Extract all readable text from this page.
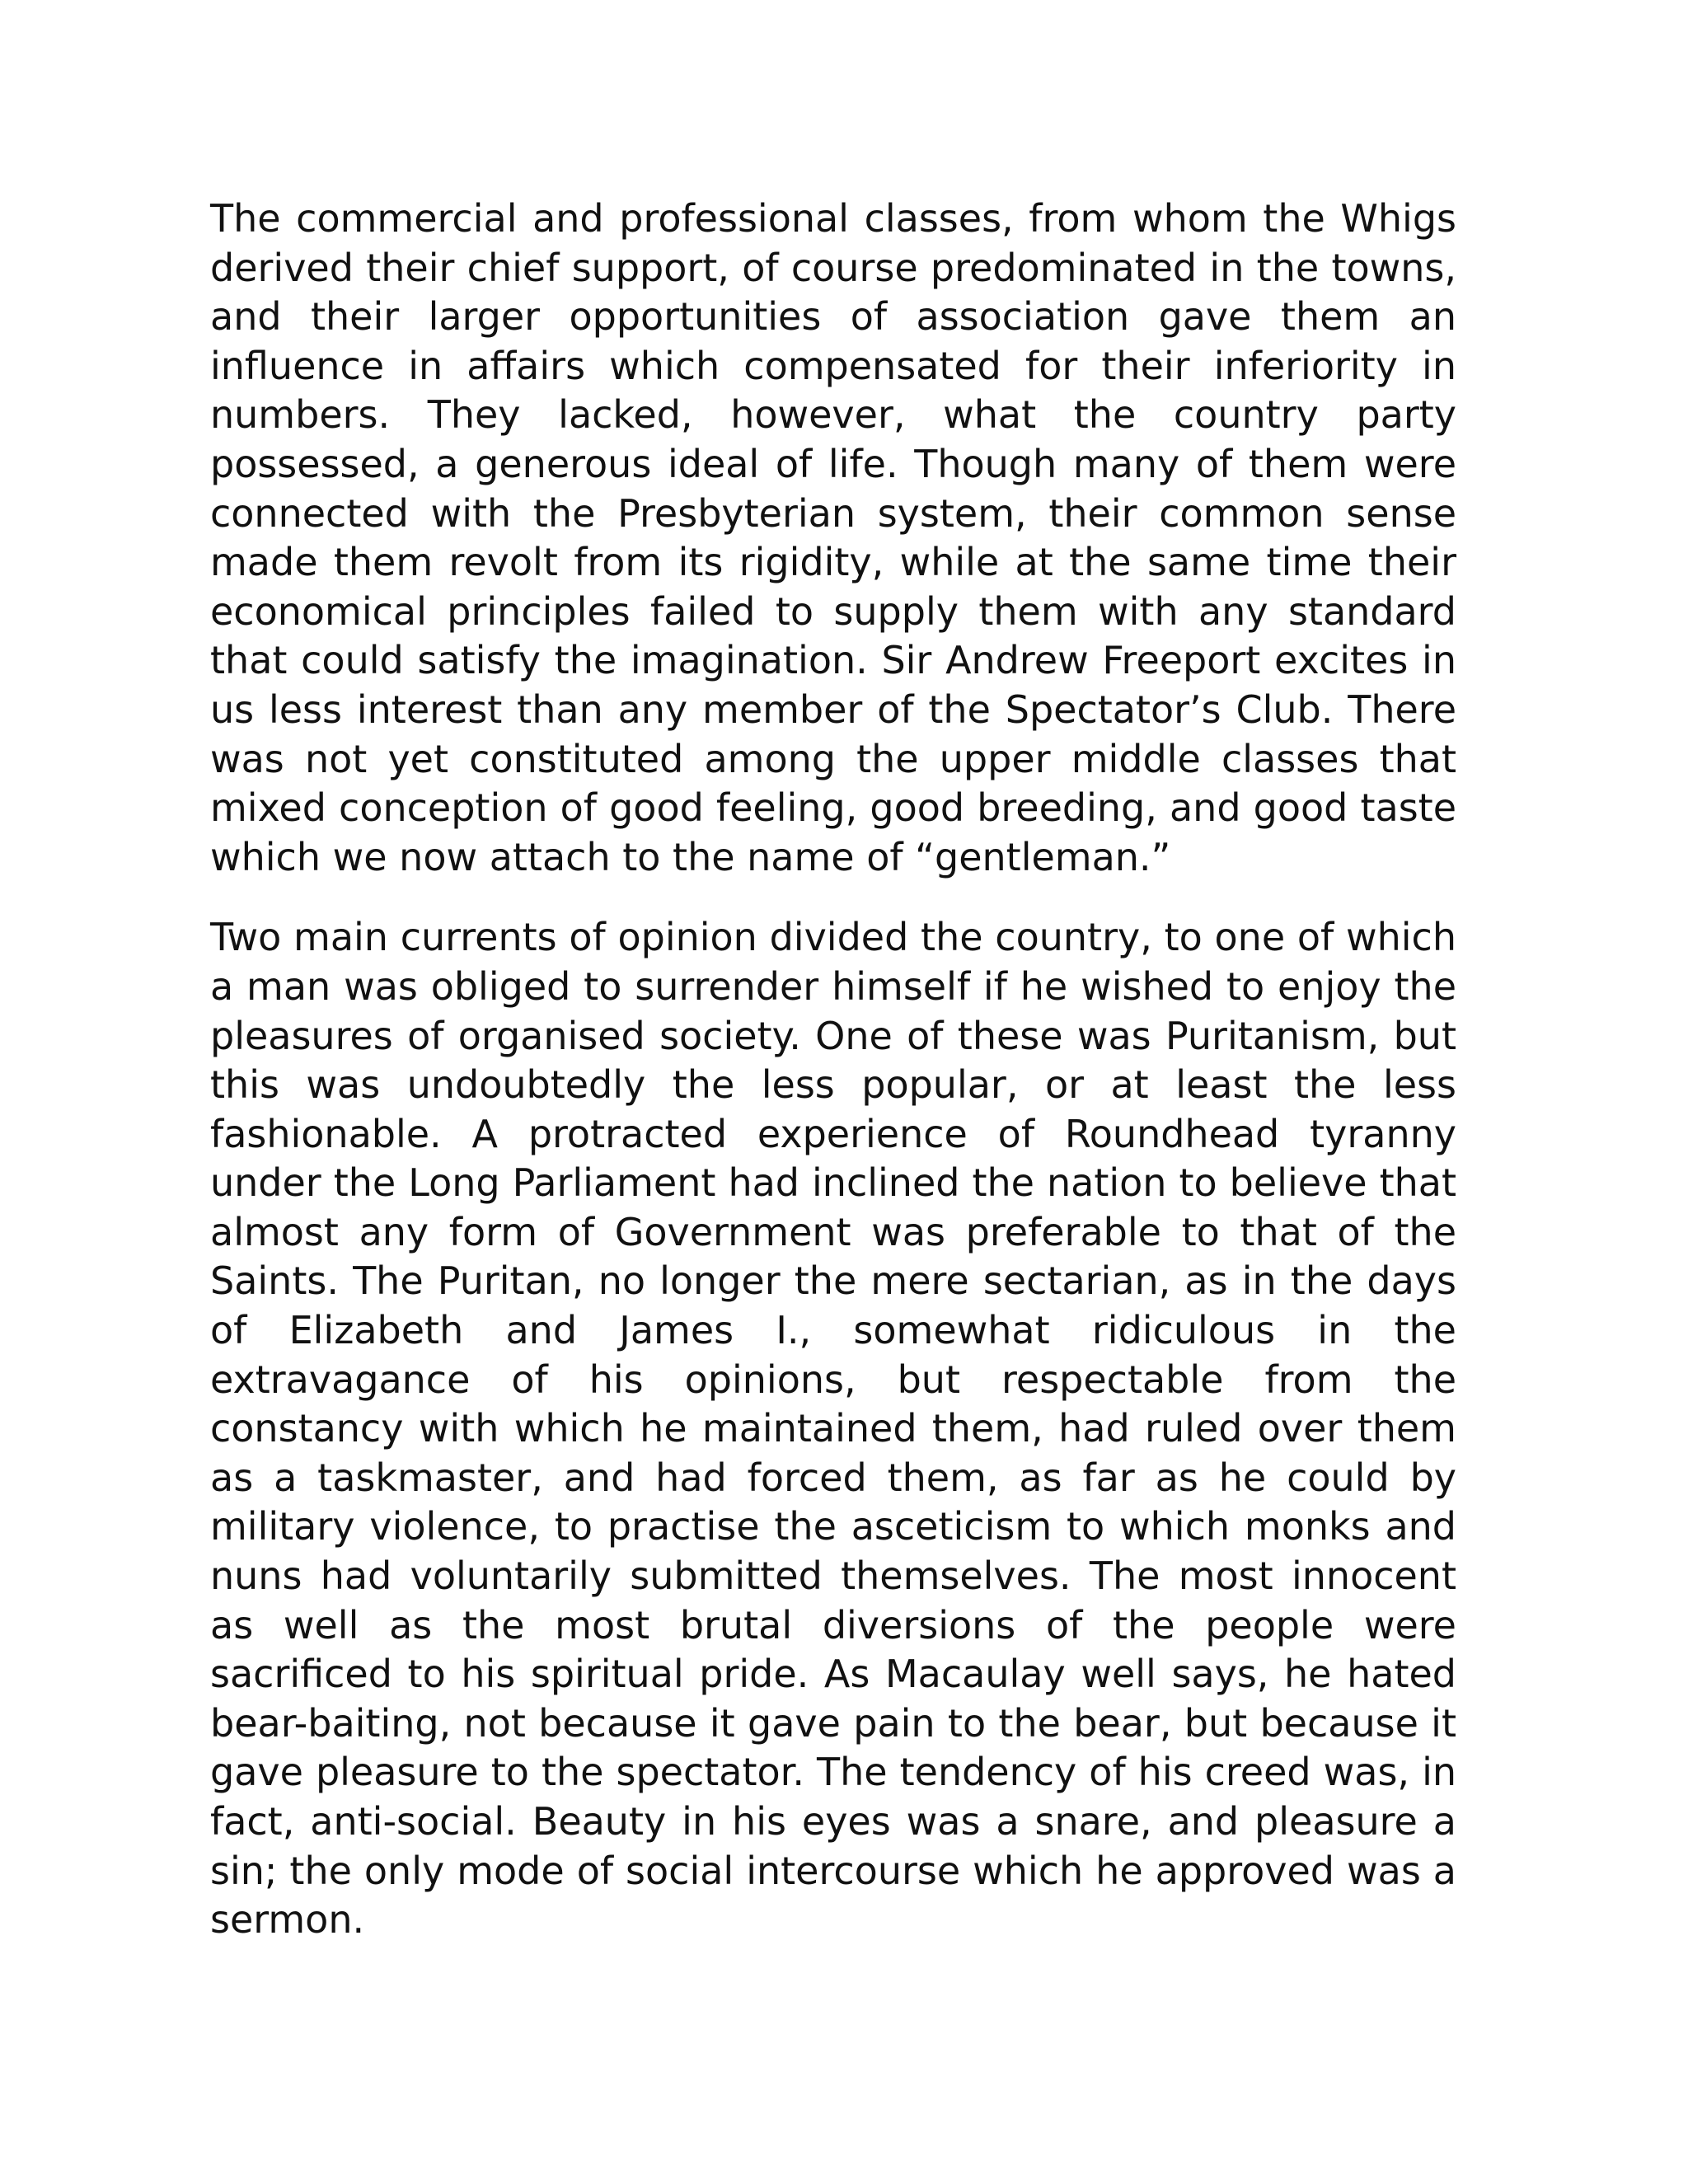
The commercial and professional classes, from whom the Whigs derived their chief support, of course predominated in the towns, and their larger opportunities of association gave them an influence in affairs which compensated for their inferiority in numbers. They lacked, however, what the country party possessed, a generous ideal of life. Though many of them were connected with the Presbyterian system, their common sense made them revolt from its rigidity, while at the same time their economical principles failed to supply them with any standard that could satisfy the imagination. Sir Andrew Freeport excites in us less interest than any member of the Spectator’s Club. There was not yet constituted among the upper middle classes that mixed conception of good feeling, good breeding, and good taste which we now attach to the name of “gentleman.”

Two main currents of opinion divided the country, to one of which a man was obliged to surrender himself if he wished to enjoy the pleasures of organised society. One of these was Puritanism, but this was undoubtedly the less popular, or at least the less fashionable. A protracted experience of Roundhead tyranny under the Long Parliament had inclined the nation to believe that almost any form of Government was preferable to that of the Saints. The Puritan, no longer the mere sectarian, as in the days of Elizabeth and James I., somewhat ridiculous in the extravagance of his opinions, but respectable from the constancy with which he maintained them, had ruled over them as a taskmaster, and had forced them, as far as he could by military violence, to practise the asceticism to which monks and nuns had voluntarily submitted themselves. The most innocent as well as the most brutal diversions of the people were sacrificed to his spiritual pride. As Macaulay well says, he hated bear-baiting, not because it gave pain to the bear, but because it gave pleasure to the spectator. The tendency of his creed was, in fact, anti-social. Beauty in his eyes was a snare, and pleasure a sin; the only mode of social intercourse which he approved was a sermon.
